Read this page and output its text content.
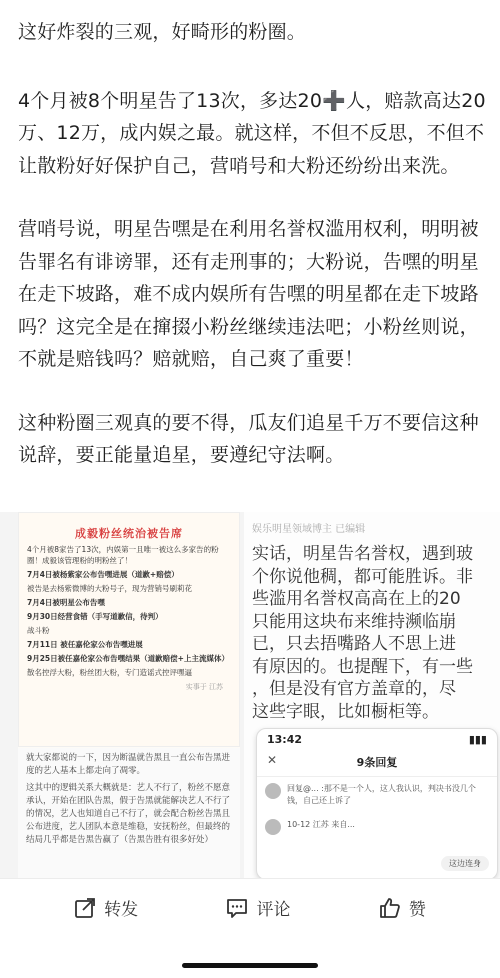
这好炸裂的三观，好畸形的粉圈。

4个月被8个明星告了13次，多达20➕人，赔款高达20万、12万，成内娱之最。就这样，不但不反思，不但不让散粉好好保护自己，营哨号和大粉还纷纷出来洗。

营哨号说，明星告嘿是在利用名誉权滥用权利，明明被告罪名有诽谤罪，还有走刑事的；大粉说，告嘿的明星在走下坡路，难不成内娱所有告嘿的明星都在走下坡路吗？这完全是在撺掇小粉丝继续违法吧；小粉丝则说，不就是赔钱吗？赔就赔，自己爽了重要！

这种粉圈三观真的要不得，瓜友们追星千万不要信这种说辞，要正能量追星，要遵纪守法啊。

成毅粉丝统治被告席
4个月被8家告了13次，内娱第一且唯一被这么多家告的粉圈！成毅该管理粉的明粉丝了！
7月4日被杨紫家公布告嘿进展（道歉+赔偿）
被告是去杨紫微博的大粉号子，现为营销号刷莉花
7月4日被明星公布告嘿
9月30日经营食错（手写道歉信，待判）
战斗粉
7月11日 被任嘉伦家公布告嘿进展
9月25日被任嘉伦家公布告嘿结果（道歉赔偿+上主流媒体）
散名控浮大粉，粉丝团大粉，专门造谣式控评嘿逼
实事于 江苏

就大家都说的一下，因为断温就告黑且一直公布告黑进度的艺人基本上都走向了凋零。

这其中的逻辑关系大概就是：艺人不行了，粉丝不愿意承认，开始在团队告黑，假于告黑就能解决艺人不行了的情况，艺人也知道自己不行了，就会配合粉丝告黑且公布进度，艺人团队本意是维稳，安抚粉丝，但最终的结局几乎都是告黑告赢了（告黑告胜有很多好处）

娱乐明星领域博主 已编辑
实话，明星告名誉权，遇到玻
个你说他稠，都可能胜诉。非
些滥用名誉权高高在上的20
只能用这块布来维持濒临崩
已，只去捂嘴路人不思上进
有原因的。也提醒下，有一些
，但是没有官方盖章的，尽
这些字眼，比如橱柜等。
13:42	▮▮▮
✕	9条回复
回复@... :那不是一个人，这人我认识，判决书没几个钱，自己还上诉了
10-12 江苏 来自...
这边连身
转发	评论	赞
